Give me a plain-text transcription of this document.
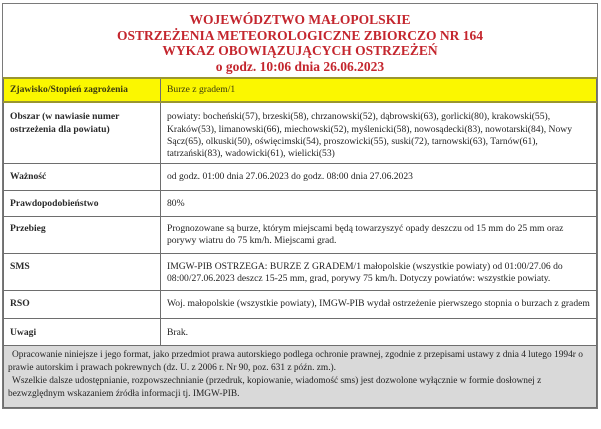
WOJEWÓDZTWO MAŁOPOLSKIE
OSTRZEŻENIA METEOROLOGICZNE ZBIORCZO NR 164
WYKAZ OBOWIĄZUJĄCYCH OSTRZEŻEŃ
o godz. 10:06 dnia 26.06.2023
Zjawisko/Stopień zagrożenia	Burze z gradem/1
Obszar (w nawiasie numer ostrzeżenia dla powiatu)	powiaty: bocheński(57), brzeski(58), chrzanowski(52), dąbrowski(63), gorlicki(80), krakowski(55), Kraków(53), limanowski(66), miechowski(52), myślenicki(58), nowosądecki(83), nowotarski(84), Nowy Sącz(65), olkuski(50), oświęcimski(54), proszowicki(55), suski(72), tarnowski(63), Tarnów(61), tatrzański(83), wadowicki(61), wielicki(53)
Ważność	od godz. 01:00 dnia 27.06.2023 do godz. 08:00 dnia 27.06.2023
Prawdopodobieństwo	80%
Przebieg	Prognozowane są burze, którym miejscami będą towarzyszyć opady deszczu od 15 mm do 25 mm oraz porywy wiatru do 75 km/h. Miejscami grad.
SMS	IMGW-PIB OSTRZEGA: BURZE Z GRADEM/1 małopolskie (wszystkie powiaty) od 01:00/27.06 do 08:00/27.06.2023 deszcz 15-25 mm, grad, porywy 75 km/h. Dotyczy powiatów: wszystkie powiaty.
RSO	Woj. małopolskie (wszystkie powiaty), IMGW-PIB wydał ostrzeżenie pierwszego stopnia o burzach z gradem
Uwagi	Brak.

Opracowanie niniejsze i jego format, jako przedmiot prawa autorskiego podlega ochronie prawnej, zgodnie z przepisami ustawy z dnia 4 lutego 1994r o prawie autorskim i prawach pokrewnych (dz. U. z 2006 r. Nr 90, poz. 631 z późn. zm.).
Wszelkie dalsze udostępnianie, rozpowszechnianie (przedruk, kopiowanie, wiadomość sms) jest dozwolone wyłącznie w formie dosłownej z bezwzględnym wskazaniem źródła informacji tj. IMGW-PIB.	
